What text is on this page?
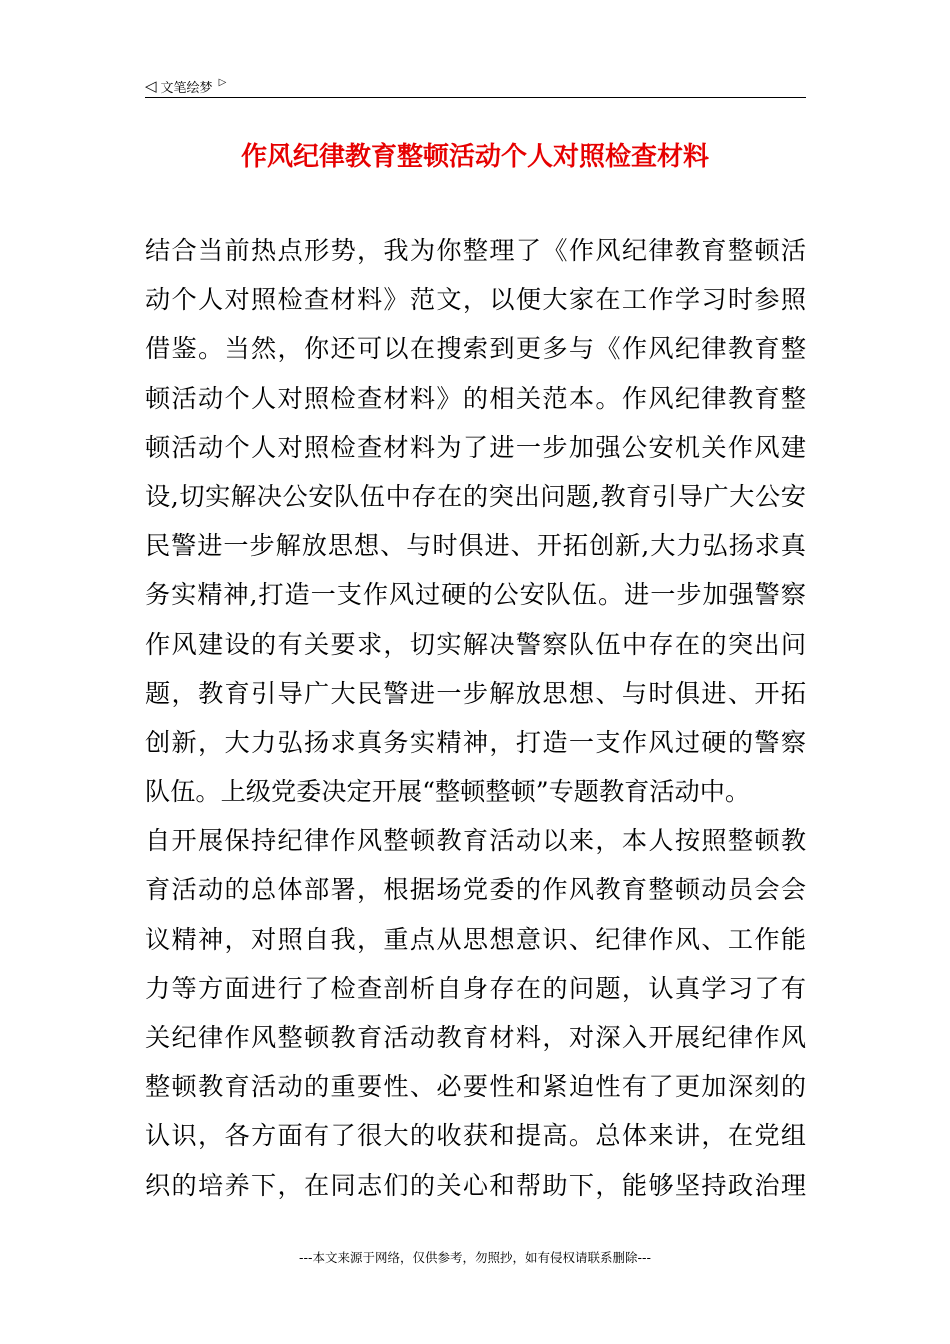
◁ 文笔绘梦 ▷
作风纪律教育整顿活动个人对照检查材料
结合当前热点形势，我为你整理了《作风纪律教育整顿活
动个人对照检查材料》范文，以便大家在工作学习时参照
借鉴。当然，你还可以在搜索到更多与《作风纪律教育整
顿活动个人对照检查材料》的相关范本。作风纪律教育整
顿活动个人对照检查材料为了进一步加强公安机关作风建
设,切实解决公安队伍中存在的突出问题,教育引导广大公安
民警进一步解放思想、与时俱进、开拓创新,大力弘扬求真
务实精神,打造一支作风过硬的公安队伍。进一步加强警察
作风建设的有关要求，切实解决警察队伍中存在的突出问
题，教育引导广大民警进一步解放思想、与时俱进、开拓
创新，大力弘扬求真务实精神，打造一支作风过硬的警察
队伍。上级党委决定开展“整顿整顿”专题教育活动中。
自开展保持纪律作风整顿教育活动以来，本人按照整顿教
育活动的总体部署，根据场党委的作风教育整顿动员会会
议精神，对照自我，重点从思想意识、纪律作风、工作能
力等方面进行了检查剖析自身存在的问题，认真学习了有
关纪律作风整顿教育活动教育材料，对深入开展纪律作风
整顿教育活动的重要性、必要性和紧迫性有了更加深刻的
认识，各方面有了很大的收获和提高。总体来讲，在党组
织的培养下，在同志们的关心和帮助下，能够坚持政治理
---本文来源于网络，仅供参考，勿照抄，如有侵权请联系删除---
